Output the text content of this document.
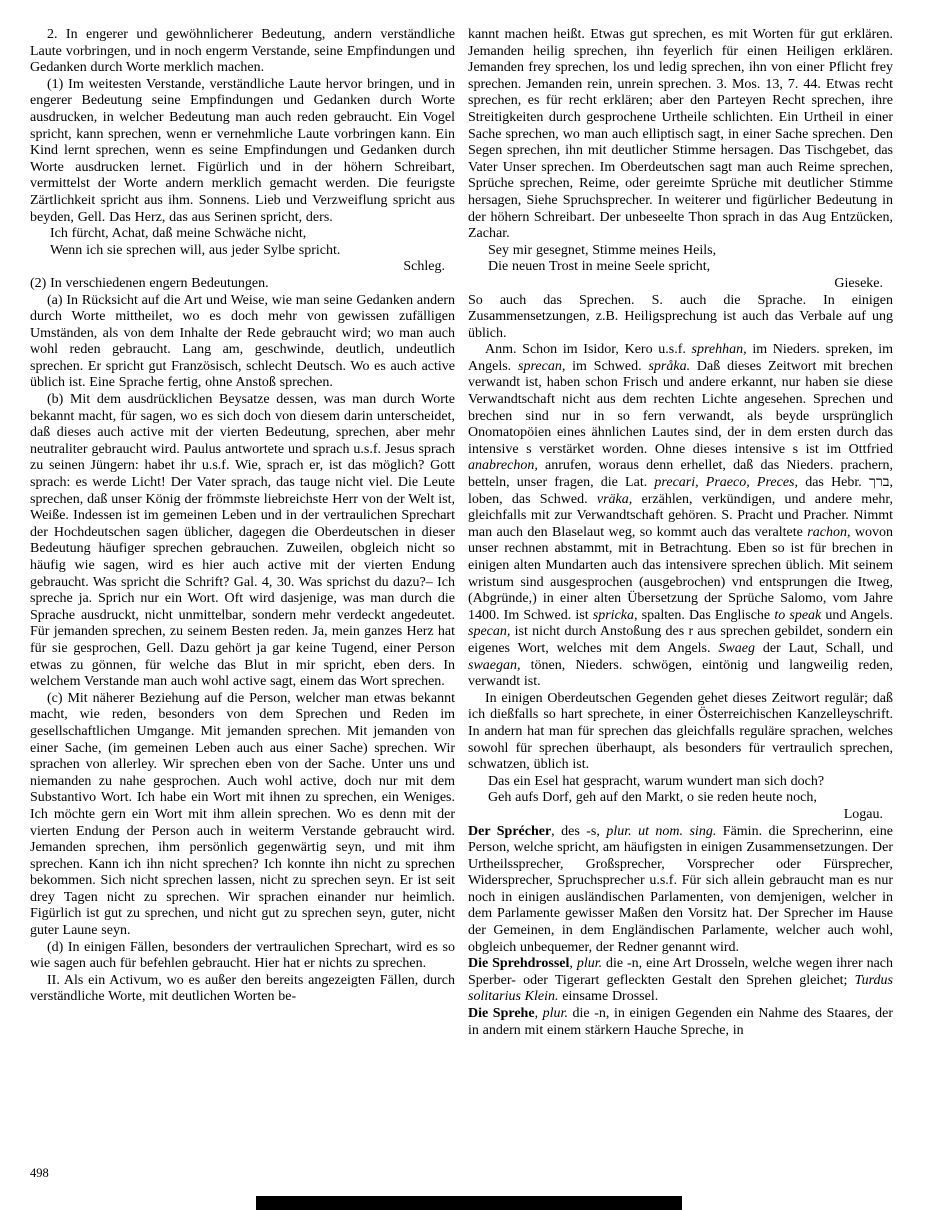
2. In engerer und gewöhnlicherer Bedeutung, andern verständliche Laute vorbringen, und in noch engerm Verstande, seine Empfindungen und Gedanken durch Worte merklich machen.
(1) Im weitesten Verstande, verständliche Laute hervor bringen, und in engerer Bedeutung seine Empfindungen und Gedanken durch Worte ausdrucken, in welcher Bedeutung man auch reden gebraucht. Ein Vogel spricht, kann sprechen, wenn er vernehmliche Laute vorbringen kann. Ein Kind lernt sprechen, wenn es seine Empfindungen und Gedanken durch Worte ausdrucken lernet. Figürlich und in der höhern Schreibart, vermittelst der Worte andern merklich gemacht werden. Die feurigste Zärtlichkeit spricht aus ihm. Sonnens. Lieb und Verzweiflung spricht aus beyden, Gell. Das Herz, das aus Serinen spricht, ders.
Ich fürcht, Achat, daß meine Schwäche nicht,
Wenn ich sie sprechen will, aus jeder Sylbe spricht.
Schleg.
(2) In verschiedenen engern Bedeutungen.
(a) In Rücksicht auf die Art und Weise, wie man seine Gedanken andern durch Worte mittheilet, wo es doch mehr von gewissen zufälligen Umständen, als von dem Inhalte der Rede gebraucht wird; wo man auch wohl reden gebraucht. Lang am, geschwinde, deutlich, undeutlich sprechen. Er spricht gut Französisch, schlecht Deutsch. Wo es auch active üblich ist. Eine Sprache fertig, ohne Anstoß sprechen.
(b) Mit dem ausdrücklichen Beysatze dessen, was man durch Worte bekannt macht, für sagen, wo es sich doch von diesem darin unterscheidet, daß dieses auch active mit der vierten Bedeutung, sprechen, aber mehr neutraliter gebraucht wird. Paulus antwortete und sprach u.s.f. Jesus sprach zu seinen Jüngern: habet ihr u.s.f. Wie, sprach er, ist das möglich? Gott sprach: es werde Licht! Der Vater sprach, das tauge nicht viel. Die Leute sprechen, daß unser König der frömmste liebreichste Herr von der Welt ist, Weiße. Indessen ist im gemeinen Leben und in der vertraulichen Sprechart der Hochdeutschen sagen üblicher, dagegen die Oberdeutschen in dieser Bedeutung häufiger sprechen gebrauchen. Zuweilen, obgleich nicht so häufig wie sagen, wird es hier auch active mit der vierten Endung gebraucht. Was spricht die Schrift? Gal. 4, 30. Was sprichst du dazu?– Ich spreche ja. Sprich nur ein Wort. Oft wird dasjenige, was man durch die Sprache ausdruckt, nicht unmittelbar, sondern mehr verdeckt angedeutet. Für jemanden sprechen, zu seinem Besten reden. Ja, mein ganzes Herz hat für sie gesprochen, Gell. Dazu gehört ja gar keine Tugend, einer Person etwas zu gönnen, für welche das Blut in mir spricht, eben ders. In welchem Verstande man auch wohl active sagt, einem das Wort sprechen.
(c) Mit näherer Beziehung auf die Person, welcher man etwas bekannt macht, wie reden, besonders von dem Sprechen und Reden im gesellschaftlichen Umgange. Mit jemanden sprechen. Mit jemanden von einer Sache, (im gemeinen Leben auch aus einer Sache) sprechen. Wir sprachen von allerley. Wir sprechen eben von der Sache. Unter uns und niemanden zu nahe gesprochen. Auch wohl active, doch nur mit dem Substantivo Wort. Ich habe ein Wort mit ihnen zu sprechen, ein Weniges. Ich möchte gern ein Wort mit ihm allein sprechen. Wo es denn mit der vierten Endung der Person auch in weiterm Verstande gebraucht wird. Jemanden sprechen, ihm persönlich gegenwärtig seyn, und mit ihm sprechen. Kann ich ihn nicht sprechen? Ich konnte ihn nicht zu sprechen bekommen. Sich nicht sprechen lassen, nicht zu sprechen seyn. Er ist seit drey Tagen nicht zu sprechen. Wir sprachen einander nur heimlich. Figürlich ist gut zu sprechen, und nicht gut zu sprechen seyn, guter, nicht guter Laune seyn.
(d) In einigen Fällen, besonders der vertraulichen Sprechart, wird es so wie sagen auch für befehlen gebraucht. Hier hat er nichts zu sprechen.
II. Als ein Activum, wo es außer den bereits angezeigten Fällen, durch verständliche Worte, mit deutlichen Worten be-
kannt machen heißt. Etwas gut sprechen, es mit Worten für gut erklären. Jemanden heilig sprechen, ihn feyerlich für einen Heiligen erklären. Jemanden frey sprechen, los und ledig sprechen, ihn von einer Pflicht frey sprechen. Jemanden rein, unrein sprechen. 3. Mos. 13, 7. 44. Etwas recht sprechen, es für recht erklären; aber den Parteyen Recht sprechen, ihre Streitigkeiten durch gesprochene Urtheile schlichten. Ein Urtheil in einer Sache sprechen, wo man auch elliptisch sagt, in einer Sache sprechen. Den Segen sprechen, ihn mit deutlicher Stimme hersagen. Das Tischgebet, das Vater Unser sprechen. Im Oberdeutschen sagt man auch Reime sprechen, Sprüche sprechen, Reime, oder gereimte Sprüche mit deutlicher Stimme hersagen, Siehe Spruchsprecher. In weiterer und figürlicher Bedeutung in der höhern Schreibart. Der unbeseelte Thon sprach in das Aug Entzücken, Zachar.
Sey mir gesegnet, Stimme meines Heils,
Die neuen Trost in meine Seele spricht,
Gieseke.
So auch das Sprechen. S. auch die Sprache. In einigen Zusammensetzungen, z.B. Heiligsprechung ist auch das Verbale auf ung üblich.
Anm. Schon im Isidor, Kero u.s.f. sprehhan, im Nieders. spreken, im Angels. sprecan, im Schwed. språka. Daß dieses Zeitwort mit brechen verwandt ist, haben schon Frisch und andere erkannt, nur haben sie diese Verwandtschaft nicht aus dem rechten Lichte angesehen. Sprechen und brechen sind nur in so fern verwandt, als beyde ursprünglich Onomatopöien eines ähnlichen Lautes sind, der in dem ersten durch das intensive s verstärket worden. Ohne dieses intensive s ist im Ottfried anabrechon, anrufen, woraus denn erhellet, daß das Nieders. prachern, betteln, unser fragen, die Lat. precari, Praeco, Preces, das Hebr. ברך, loben, das Schwed. vräka, erzählen, verkündigen, und andere mehr, gleichfalls mit zur Verwandtschaft gehören. S. Pracht und Pracher. Nimmt man auch den Blaselaut weg, so kommt auch das veraltete rachon, wovon unser rechnen abstammt, mit in Betrachtung. Eben so ist für brechen in einigen alten Mundarten auch das intensivere sprechen üblich. Mit seinem wristum sind ausgesprochen (ausgebrochen) vnd entsprungen die Itweg, (Abgründe,) in einer alten Übersetzung der Sprüche Salomo, vom Jahre 1400. Im Schwed. ist spricka, spalten. Das Englische to speak und Angels. specan, ist nicht durch Anstoßung des r aus sprechen gebildet, sondern ein eigenes Wort, welches mit dem Angels. Swaeg der Laut, Schall, und swaegan, tönen, Nieders. schwögen, eintönig und langweilig reden, verwandt ist.
In einigen Oberdeutschen Gegenden gehet dieses Zeitwort regulär; daß ich dießfalls so hart sprechete, in einer Österreichischen Kanzelleyschrift. In andern hat man für sprechen das gleichfalls reguläre sprachen, welches sowohl für sprechen überhaupt, als besonders für vertraulich sprechen, schwatzen, üblich ist.
Das ein Esel hat gespracht, warum wundert man sich doch?
Geh aufs Dorf, geh auf den Markt, o sie reden heute noch,
Logau.
Der Sprécher, des -s, plur. ut nom. sing. Fämin. die Sprecherinn, eine Person, welche spricht, am häufigsten in einigen Zusammensetzungen. Der Urtheilssprecher, Großsprecher, Vorsprecher oder Fürsprecher, Widersprecher, Spruchsprecher u.s.f. Für sich allein gebraucht man es nur noch in einigen ausländischen Parlamenten, von demjenigen, welcher in dem Parlamente gewisser Maßen den Vorsitz hat. Der Sprecher im Hause der Gemeinen, in dem Engländischen Parlamente, welcher auch wohl, obgleich unbequemer, der Redner genannt wird.
Die Sprehdrossel, plur. die -n, eine Art Drosseln, welche wegen ihrer nach Sperber- oder Tigerart gefleckten Gestalt den Sprehen gleichet; Turdus solitarius Klein. einsame Drossel.
Die Sprehe, plur. die -n, in einigen Gegenden ein Nahme des Staares, der in andern mit einem stärkern Hauche Spreche, in
498
